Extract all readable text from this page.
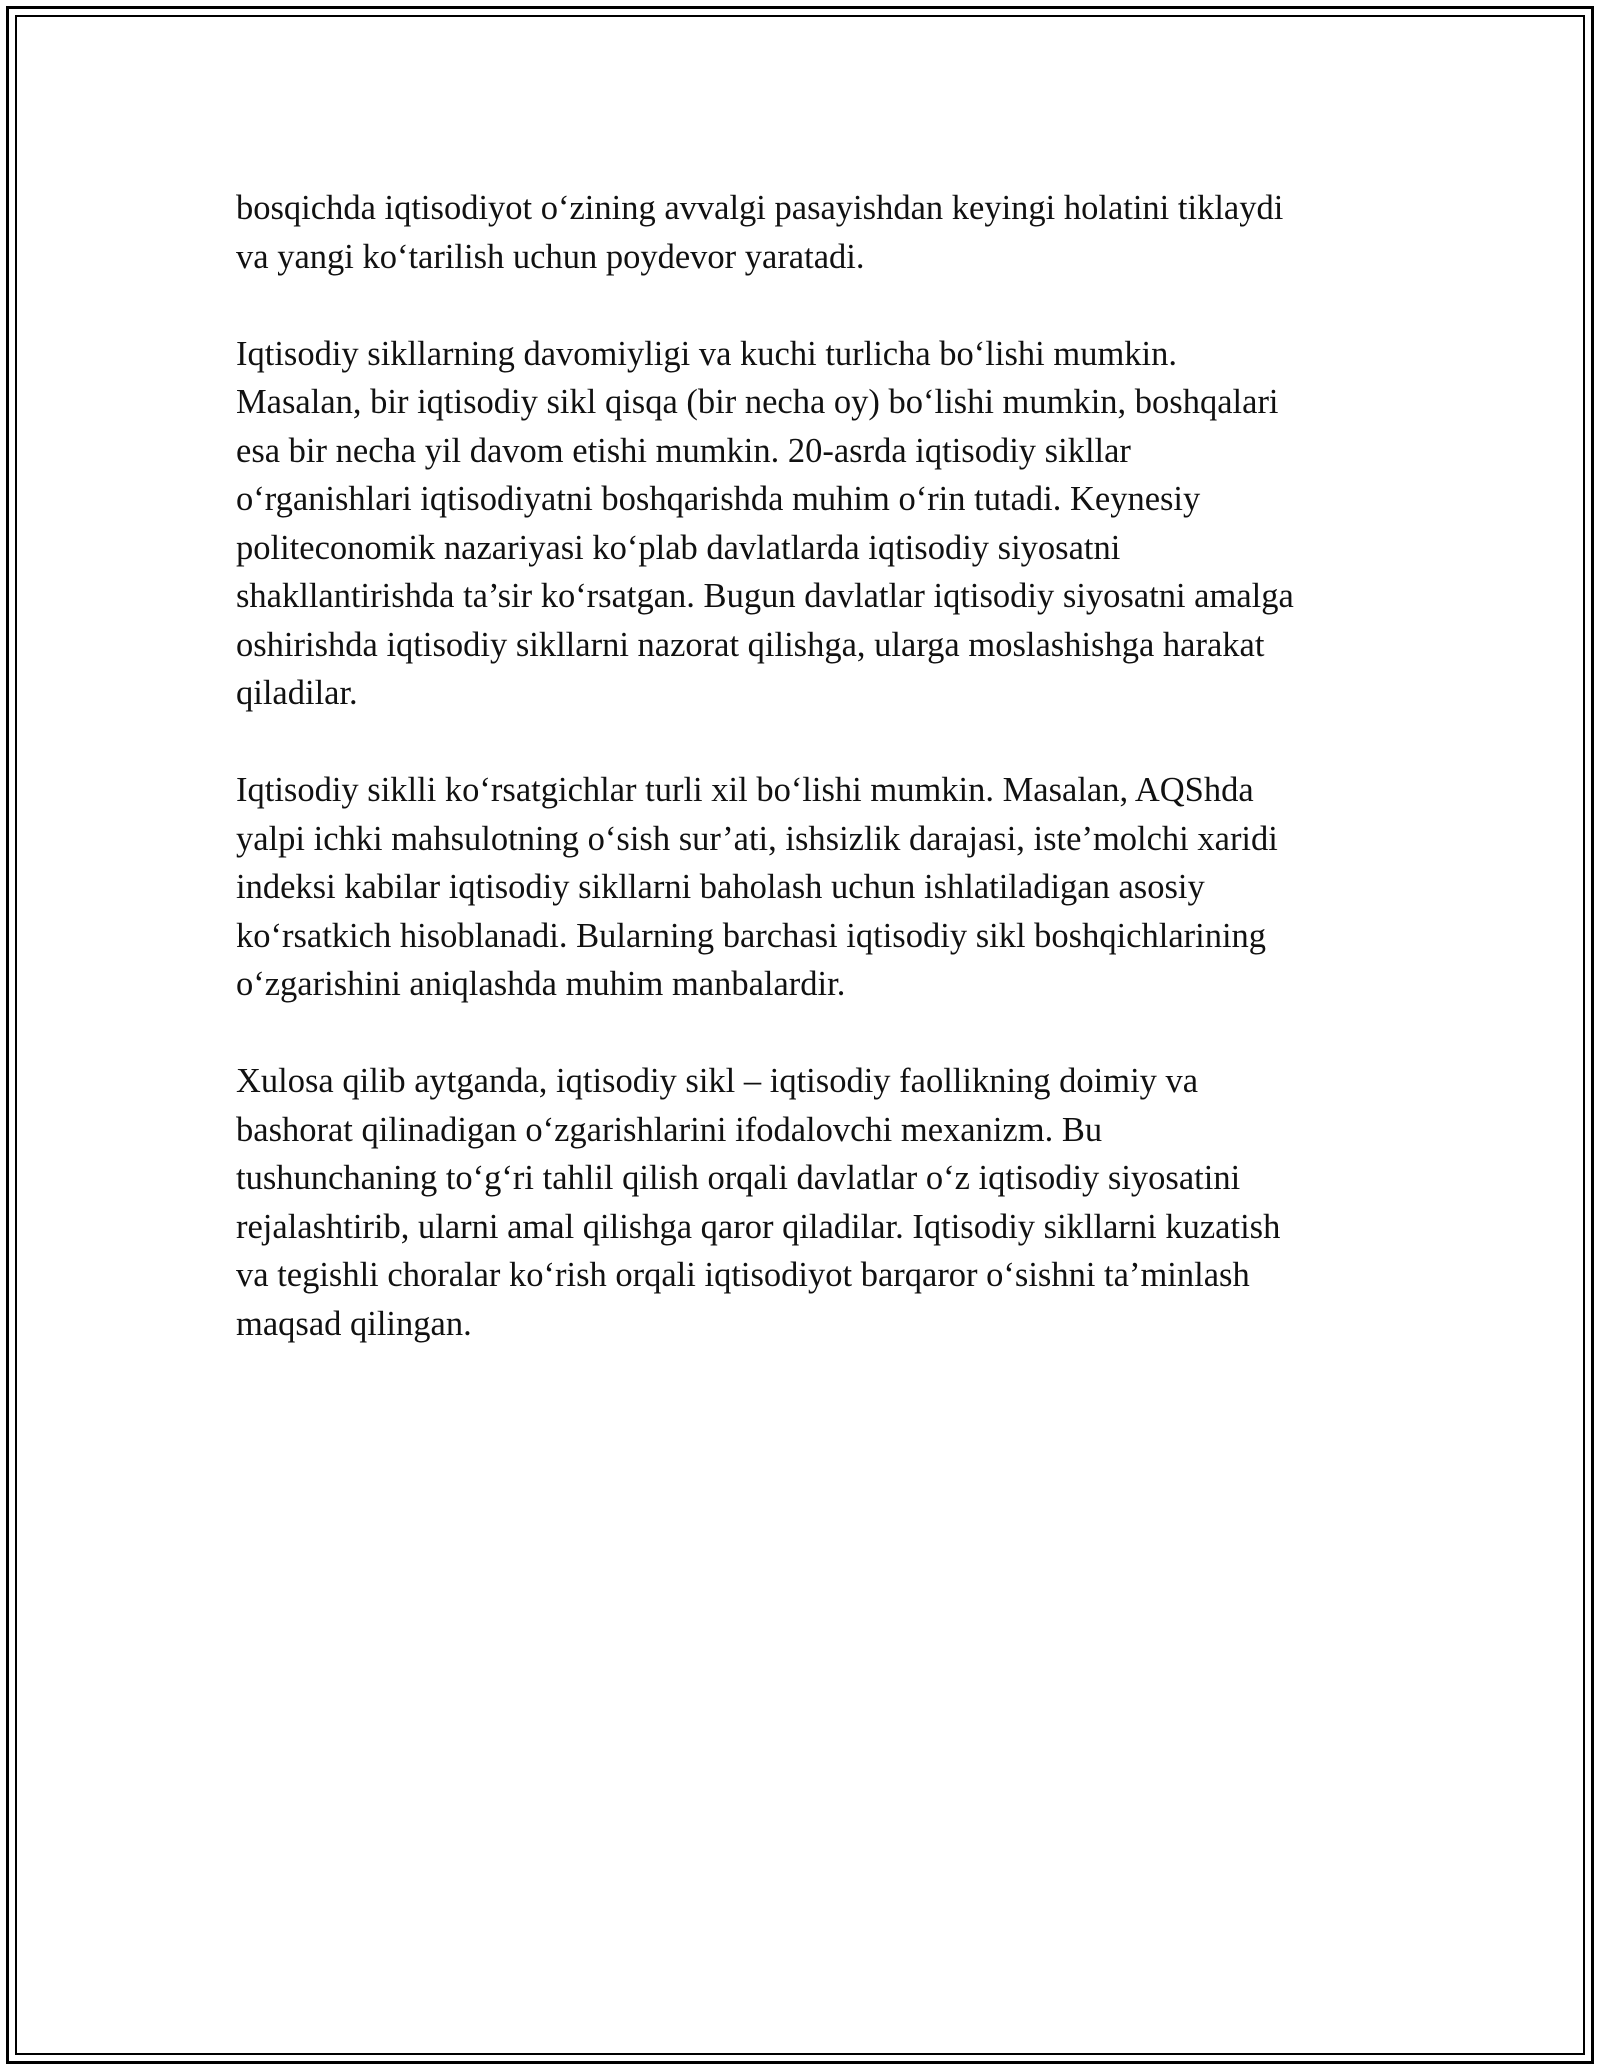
bosqichda iqtisodiyot o‘zining avvalgi pasayishdan keyingi holatini tiklaydi
va yangi ko‘tarilish uchun poydevor yaratadi.

Iqtisodiy sikllarning davomiyligi va kuchi turlicha bo‘lishi mumkin.
Masalan, bir iqtisodiy sikl qisqa (bir necha oy) bo‘lishi mumkin, boshqalari
esa bir necha yil davom etishi mumkin. 20-asrda iqtisodiy sikllar
o‘rganishlari iqtisodiyatni boshqarishda muhim o‘rin tutadi. Keynesiy
politeconomik nazariyasi ko‘plab davlatlarda iqtisodiy siyosatni
shakllantirishda ta’sir ko‘rsatgan. Bugun davlatlar iqtisodiy siyosatni amalga
oshirishda iqtisodiy sikllarni nazorat qilishga, ularga moslashishga harakat
qiladilar.

Iqtisodiy siklli ko‘rsatgichlar turli xil bo‘lishi mumkin. Masalan, AQShda
yalpi ichki mahsulotning o‘sish sur’ati, ishsizlik darajasi, iste’molchi xaridi
indeksi kabilar iqtisodiy sikllarni baholash uchun ishlatiladigan asosiy
ko‘rsatkich hisoblanadi. Bularning barchasi iqtisodiy sikl boshqichlarining
o‘zgarishini aniqlashda muhim manbalardir.

Xulosa qilib aytganda, iqtisodiy sikl – iqtisodiy faollikning doimiy va
bashorat qilinadigan o‘zgarishlarini ifodalovchi mexanizm. Bu
tushunchaning to‘g‘ri tahlil qilish orqali davlatlar o‘z iqtisodiy siyosatini
rejalashtirib, ularni amal qilishga qaror qiladilar. Iqtisodiy sikllarni kuzatish
va tegishli choralar ko‘rish orqali iqtisodiyot barqaror o‘sishni ta’minlash
maqsad qilingan.
